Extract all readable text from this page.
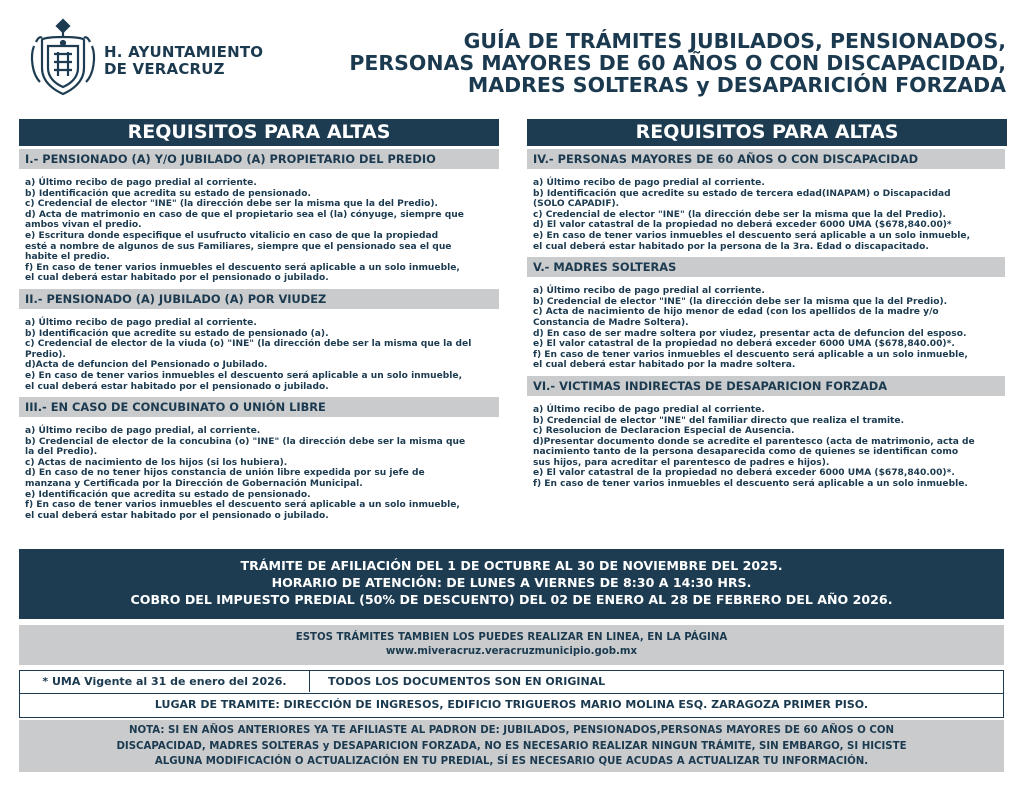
H. AYUNTAMIENTO
DE VERACRUZ
GUÍA DE TRÁMITES JUBILADOS, PENSIONADOS,
PERSONAS MAYORES DE 60 AÑOS O CON DISCAPACIDAD,
MADRES SOLTERAS y DESAPARICIÓN FORZADA
REQUISITOS PARA ALTAS
I.- PENSIONADO (A) Y/O JUBILADO (A) PROPIETARIO DEL PREDIO
a) Último recibo de pago predial al corriente.
b) Identificación que acredita su estado de pensionado.
c) Credencial de elector "INE" (la dirección debe ser la misma que la del Predio).
d) Acta de matrimonio en caso de que el propietario sea el (la) cónyuge, siempre que
ambos vivan el predio.
e) Escritura donde especifique el usufructo vitalicio en caso de que la propiedad
esté a nombre de algunos de sus Familiares, siempre que el pensionado sea el que
habite el predio.
f) En caso de tener varios inmuebles el descuento será aplicable a un solo inmueble,
el cual deberá estar habitado por el pensionado o jubilado.
II.- PENSIONADO (A) JUBILADO (A) POR VIUDEZ
a) Último recibo de pago predial al corriente.
b) Identificación que acredite su estado de pensionado (a).
c) Credencial de elector de la viuda (o) "INE" (la dirección debe ser la misma que la del
Predio).
d)Acta de defuncion del Pensionado o Jubilado.
e) En caso de tener varios inmuebles el descuento será aplicable a un solo inmueble,
el cual deberá estar habitado por el pensionado o jubilado.
III.- EN CASO DE CONCUBINATO O UNIÓN LIBRE
a) Último recibo de pago predial, al corriente.
b) Credencial de elector de la concubina (o) "INE" (la dirección debe ser la misma que
la del Predio).
c) Actas de nacimiento de los hijos (si los hubiera).
d) En caso de no tener hijos constancia de unión libre expedida por su jefe de
manzana y Certificada por la Dirección de Gobernación Municipal.
e) Identificación que acredita su estado de pensionado.
f) En caso de tener varios inmuebles el descuento será aplicable a un solo inmueble,
el cual deberá estar habitado por el pensionado o jubilado.
REQUISITOS PARA ALTAS
IV.- PERSONAS MAYORES DE 60 AÑOS O CON DISCAPACIDAD
a) Último recibo de pago predial al corriente.
b) Identificación que acredite su estado de tercera edad(INAPAM) o Discapacidad
(SOLO CAPADIF).
c) Credencial de elector "INE" (la dirección debe ser la misma que la del Predio).
d) El valor catastral de la propiedad no deberá exceder 6000 UMA ($678,840.00)*
e) En caso de tener varios inmuebles el descuento será aplicable a un solo inmueble,
el cual deberá estar habitado por la persona de la 3ra. Edad o discapacitado.
V.- MADRES SOLTERAS
a) Último recibo de pago predial al corriente.
b) Credencial de elector "INE" (la dirección debe ser la misma que la del Predio).
c) Acta de nacimiento de hijo menor de edad (con los apellidos de la madre y/o
Constancia de Madre Soltera).
d) En caso de ser madre soltera por viudez, presentar acta de defuncion del esposo.
e) El valor catastral de la propiedad no deberá exceder 6000 UMA ($678,840.00)*.
f) En caso de tener varios inmuebles el descuento será aplicable a un solo inmueble,
el cual deberá estar habitado por la madre soltera.
VI.- VICTIMAS INDIRECTAS DE DESAPARICION FORZADA
a) Último recibo de pago predial al corriente.
b) Credencial de elector "INE" del familiar directo que realiza el tramite.
c) Resolucion de Declaracion Especial de Ausencia.
d)Presentar documento donde se acredite el parentesco (acta de matrimonio, acta de
nacimiento tanto de la persona desaparecida como de quienes se identifican como
sus hijos, para acreditar el parentesco de padres e hijos).
e) El valor catastral de la propiedad no deberá exceder 6000 UMA ($678,840.00)*.
f) En caso de tener varios inmuebles el descuento será aplicable a un solo inmueble.
TRÁMITE DE AFILIACIÓN DEL 1 DE OCTUBRE AL 30 DE NOVIEMBRE DEL 2025.
HORARIO DE ATENCIÓN: DE LUNES A VIERNES DE 8:30 A 14:30 HRS.
COBRO DEL IMPUESTO PREDIAL (50% DE DESCUENTO) DEL 02 DE ENERO AL 28 DE FEBRERO DEL AÑO 2026.
ESTOS TRÁMITES TAMBIEN LOS PUEDES REALIZAR EN LINEA, EN LA PÁGINA
www.miveracruz.veracruzmunicipio.gob.mx
* UMA Vigente al 31 de enero del 2026.	TODOS LOS DOCUMENTOS SON EN ORIGINAL
LUGAR DE TRAMITE: DIRECCIÓN DE INGRESOS, EDIFICIO TRIGUEROS MARIO MOLINA ESQ. ZARAGOZA PRIMER PISO.
NOTA: SI EN AÑOS ANTERIORES YA TE AFILIASTE AL PADRON DE: JUBILADOS, PENSIONADOS,PERSONAS MAYORES DE 60 AÑOS O CON
DISCAPACIDAD, MADRES SOLTERAS y DESAPARICION FORZADA, NO ES NECESARIO REALIZAR NINGUN TRÁMITE, SIN EMBARGO, SI HICISTE
ALGUNA MODIFICACIÓN O ACTUALIZACIÓN EN TU PREDIAL, SÍ ES NECESARIO QUE ACUDAS A ACTUALIZAR TU INFORMACIÓN.
